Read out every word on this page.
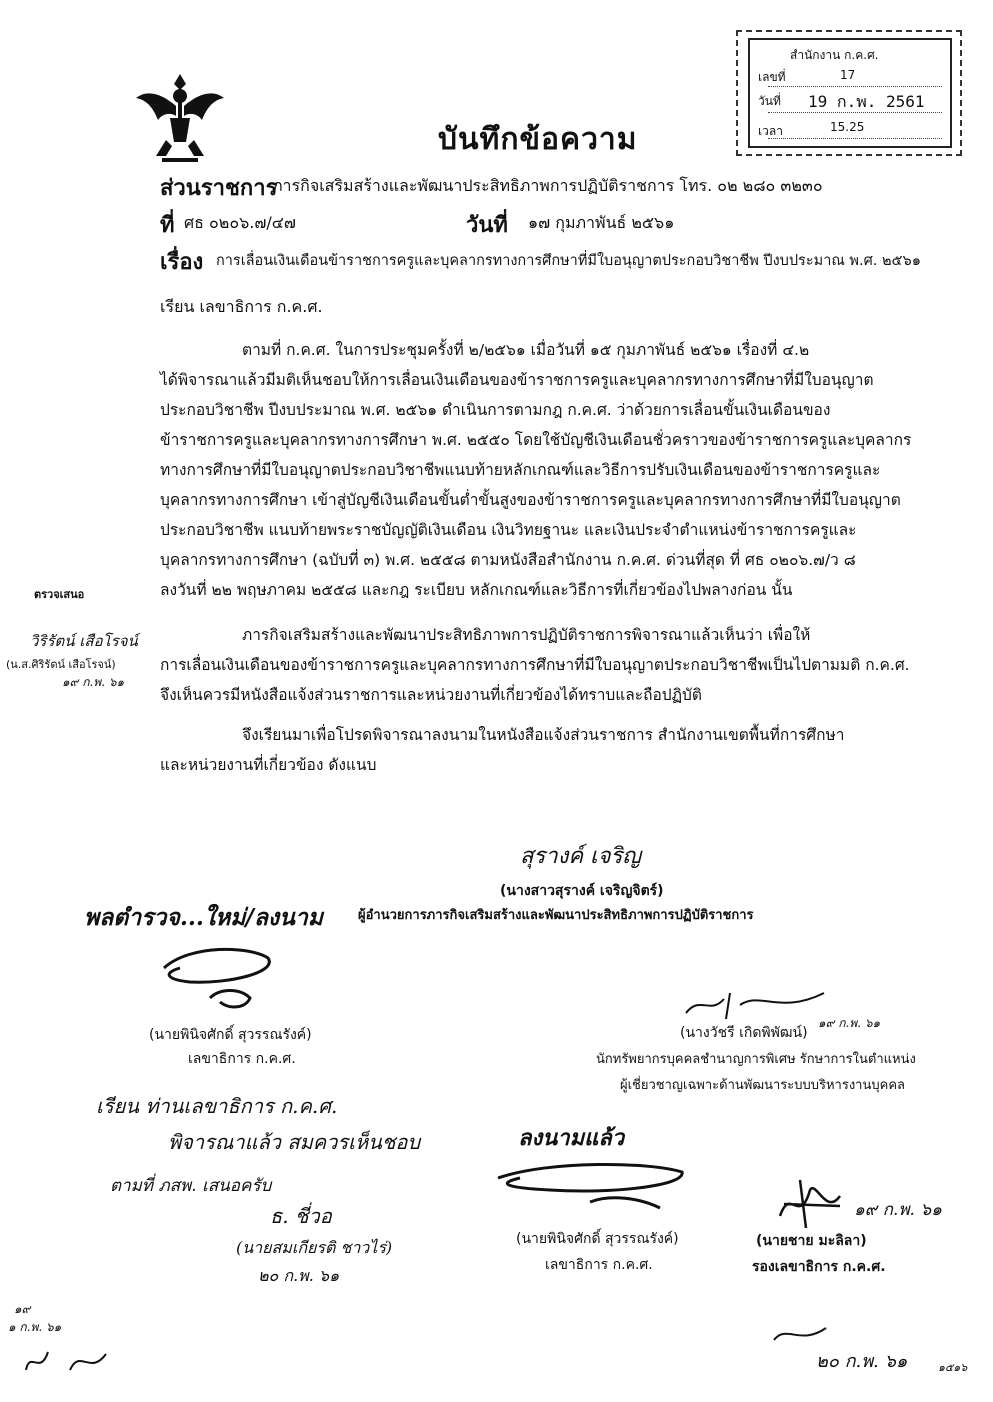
สำนักงาน ก.ค.ศ.
เลขที่	17
วันที่ 19 ก.พ. 2561
เวลา	15.25
บันทึกข้อความ
ส่วนราชการ
ภารกิจเสริมสร้างและพัฒนาประสิทธิภาพการปฏิบัติราชการ โทร. ๐๒ ๒๘๐ ๓๒๓๐
ที่ ศธ ๐๒๐๖.๗/๔๗	วันที่ ๑๗ กุมภาพันธ์ ๒๕๖๑
เรื่อง การเลื่อนเงินเดือนข้าราชการครูและบุคลากรทางการศึกษาที่มีใบอนุญาตประกอบวิชาชีพ ปีงบประมาณ พ.ศ. ๒๕๖๑
เรียน เลขาธิการ ก.ค.ศ.
ตามที่ ก.ค.ศ. ในการประชุมครั้งที่ ๒/๒๕๖๑ เมื่อวันที่ ๑๕ กุมภาพันธ์ ๒๕๖๑ เรื่องที่ ๔.๒
ได้พิจารณาแล้วมีมติเห็นชอบให้การเลื่อนเงินเดือนของข้าราชการครูและบุคลากรทางการศึกษาที่มีใบอนุญาต
ประกอบวิชาชีพ ปีงบประมาณ พ.ศ. ๒๕๖๑ ดำเนินการตามกฎ ก.ค.ศ. ว่าด้วยการเลื่อนขั้นเงินเดือนของ
ข้าราชการครูและบุคลากรทางการศึกษา พ.ศ. ๒๕๕๐ โดยใช้บัญชีเงินเดือนชั่วคราวของข้าราชการครูและบุคลากร
ทางการศึกษาที่มีใบอนุญาตประกอบวิชาชีพแนบท้ายหลักเกณฑ์และวิธีการปรับเงินเดือนของข้าราชการครูและ
บุคลากรทางการศึกษา เข้าสู่บัญชีเงินเดือนขั้นต่ำขั้นสูงของข้าราชการครูและบุคลากรทางการศึกษาที่มีใบอนุญาต
ประกอบวิชาชีพ แนบท้ายพระราชบัญญัติเงินเดือน เงินวิทยฐานะ และเงินประจำตำแหน่งข้าราชการครูและ
บุคลากรทางการศึกษา (ฉบับที่ ๓) พ.ศ. ๒๕๕๘ ตามหนังสือสำนักงาน ก.ค.ศ. ด่วนที่สุด ที่ ศธ ๐๒๐๖.๗/ว ๘
ลงวันที่ ๒๒ พฤษภาคม ๒๕๕๘ และกฎ ระเบียบ หลักเกณฑ์และวิธีการที่เกี่ยวข้องไปพลางก่อน นั้น
ตรวจเสนอ
วิริรัตน์ เสือโรจน์
(น.ส.ศิริรัตน์ เสือโรจน์)
๑๙ ก.พ. ๖๑
ภารกิจเสริมสร้างและพัฒนาประสิทธิภาพการปฏิบัติราชการพิจารณาแล้วเห็นว่า เพื่อให้
การเลื่อนเงินเดือนของข้าราชการครูและบุคลากรทางการศึกษาที่มีใบอนุญาตประกอบวิชาชีพเป็นไปตามมติ ก.ค.ศ.
จึงเห็นควรมีหนังสือแจ้งส่วนราชการและหน่วยงานที่เกี่ยวข้องได้ทราบและถือปฏิบัติ
จึงเรียนมาเพื่อโปรดพิจารณาลงนามในหนังสือแจ้งส่วนราชการ สำนักงานเขตพื้นที่การศึกษา
และหน่วยงานที่เกี่ยวข้อง ดังแนบ
สุรางค์ เจริญ
(นางสาวสุรางค์ เจริญจิตร์)
ผู้อำนวยการภารกิจเสริมสร้างและพัฒนาประสิทธิภาพการปฏิบัติราชการ
พลตำรวจ...ใหม่/ลงนาม
(นายพินิจศักดิ์ สุวรรณรังค์)
เลขาธิการ ก.ค.ศ.
(นางวัชรี เกิดพิพัฒน์)
๑๙ ก.พ. ๖๑
นักทรัพยากรบุคคลชำนาญการพิเศษ รักษาการในตำแหน่ง
ผู้เชี่ยวชาญเฉพาะด้านพัฒนาระบบบริหารงานบุคคล
เรียน ท่านเลขาธิการ ก.ค.ศ.
พิจารณาแล้ว สมควรเห็นชอบ
ตามที่ ภสพ. เสนอครับ
ธ. ชี่วอ
(นายสมเกียรติ ชาวไร่)
๒๐ ก.พ. ๖๑
ลงนามแล้ว
(นายพินิจศักดิ์ สุวรรณรังค์)
เลขาธิการ ก.ค.ศ.
๑๙ ก.พ. ๖๑
(นายชาย มะลิลา)
รองเลขาธิการ ก.ค.ศ.
๑๙
๑ ก.พ. ๖๑
๒๐ ก.พ. ๖๑	๑๕๑๖
